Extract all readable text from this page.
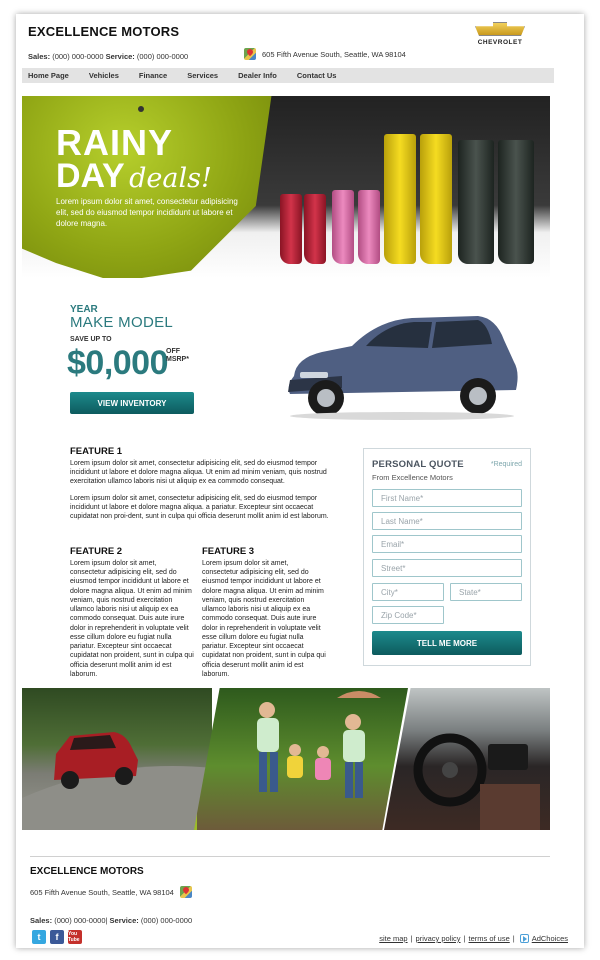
EXCELLENCE MOTORS
Sales: (000) 000-0000 Service: (000) 000-0000	605 Fifth Avenue South, Seattle, WA 98104
CHEVROLET
Home Page	Vehicles	Finance	Services	Dealer Info	Contact Us
RAINY
DAY deals!
Lorem ipsum dolor sit amet, consectetur adipisicing elit, sed do eiusmod tempor incididunt ut labore et dolore magna.
YEAR
MAKE MODEL
SAVE UP TO
$0,000
OFF
MSRP*
VIEW INVENTORY
FEATURE 1
Lorem ipsum dolor sit amet, consectetur adipisicing elit, sed do eiusmod tempor incididunt ut labore et dolore magna aliqua. Ut enim ad minim veniam, quis nostrud exercitation ullamco laboris nisi ut aliquip ex ea commodo consequat.
Lorem ipsum dolor sit amet, consectetur adipisicing elit, sed do eiusmod tempor incididunt ut labore et dolore magna aliqua. a pariatur. Excepteur sint occaecat cupidatat non proi-dent, sunt in culpa qui officia deserunt mollit anim id est laborum.
FEATURE 2
Lorem ipsum dolor sit amet, consectetur adipisicing elit, sed do eiusmod tempor incididunt ut labore et dolore magna aliqua. Ut enim ad minim veniam, quis nostrud exercitation ullamco laboris nisi ut aliquip ex ea commodo consequat. Duis aute irure dolor in reprehenderit in voluptate velit esse cillum dolore eu fugiat nulla pariatur. Excepteur sint occaecat cupidatat non proident, sunt in culpa qui officia deserunt mollit anim id est laborum.
FEATURE 3
Lorem ipsum dolor sit amet, consectetur adipisicing elit, sed do eiusmod tempor incididunt ut labore et dolore magna aliqua. Ut enim ad minim veniam, quis nostrud exercitation ullamco laboris nisi ut aliquip ex ea commodo consequat. Duis aute irure dolor in reprehenderit in voluptate velit esse cillum dolore eu fugiat nulla pariatur. Excepteur sint occaecat cupidatat non proident, sunt in culpa qui officia deserunt mollit anim id est laborum.
PERSONAL QUOTE	*Required
From Excellence Motors
First Name*
Last Name*
Email*
Street*
City*	State*
Zip Code*
TELL ME MORE
EXCELLENCE MOTORS
605 Fifth Avenue South, Seattle, WA 98104
Sales: (000) 000-0000| Service: (000) 000-0000
t	f	You Tube	site map | privacy policy | terms of use | AdChoices
